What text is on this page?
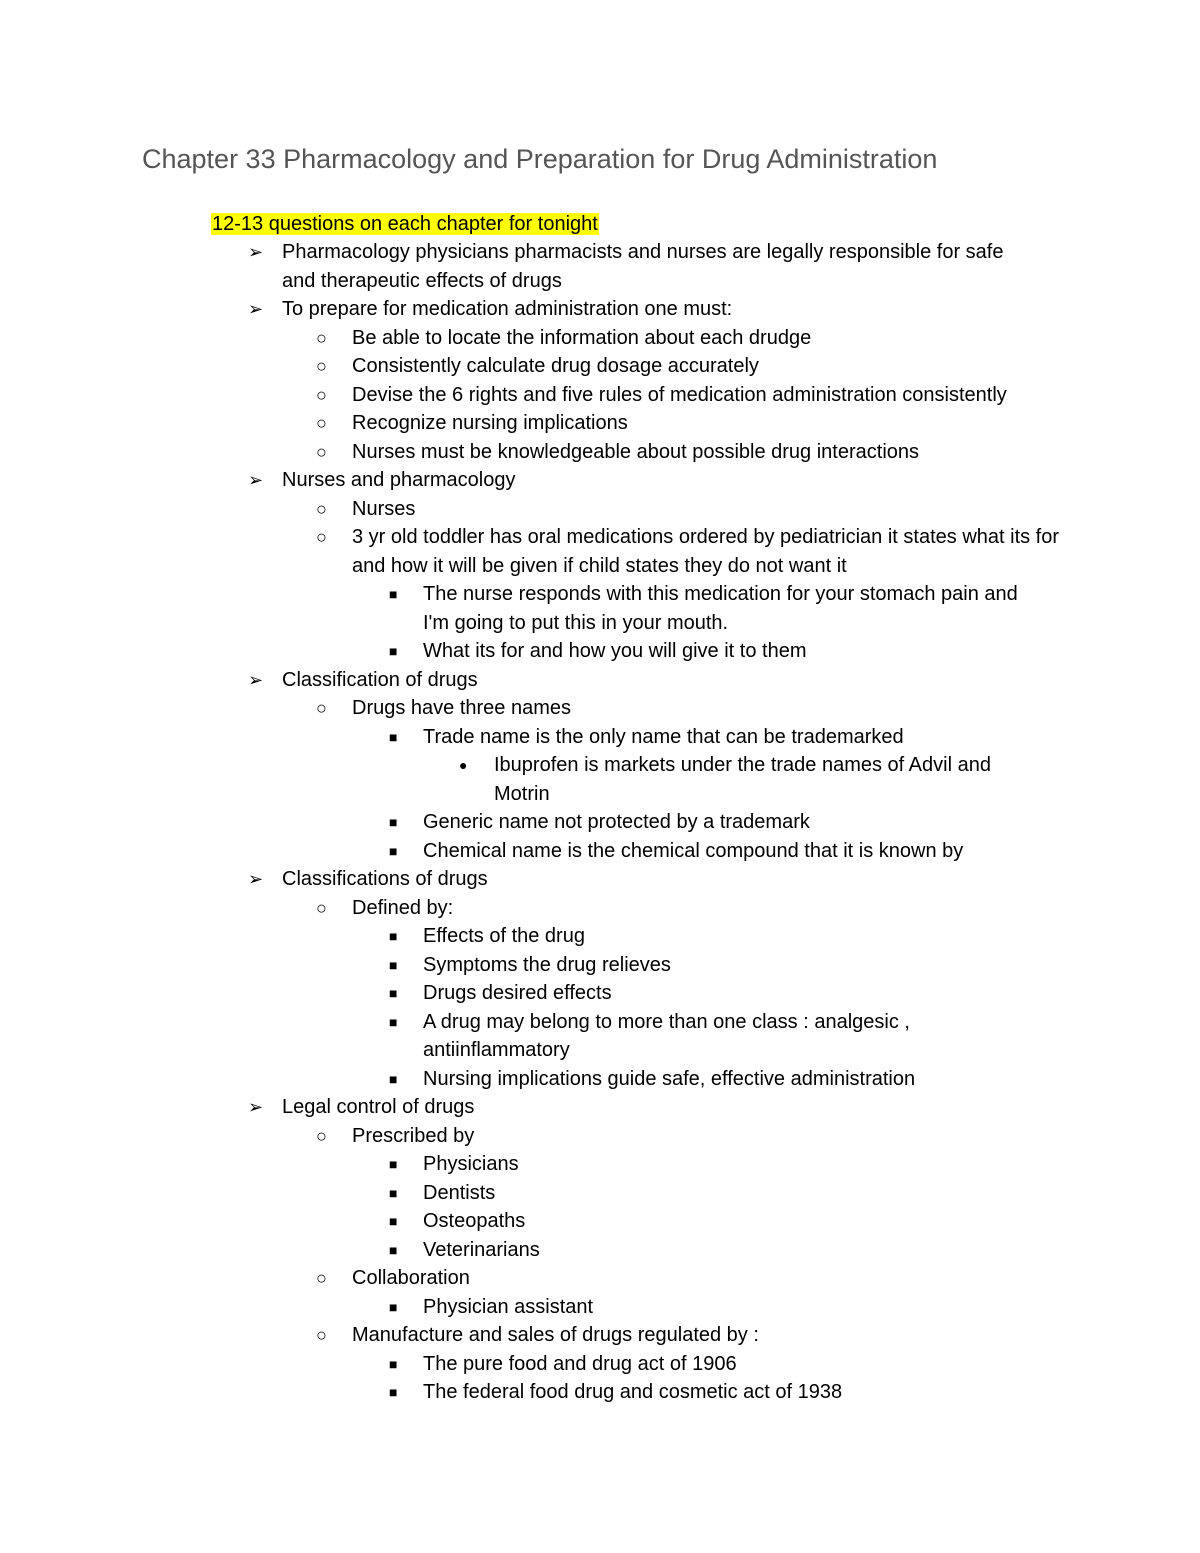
Chapter 33 Pharmacology and Preparation for Drug Administration

12-13 questions on each chapter for tonight

➢ Pharmacology physicians pharmacists and nurses are legally responsible for safe and therapeutic effects of drugs
➢ To prepare for medication administration one must:
○ Be able to locate the information about each drudge
○ Consistently calculate drug dosage accurately
○ Devise the 6 rights and five rules of medication administration consistently
○ Recognize nursing implications
○ Nurses must be knowledgeable about possible drug interactions
➢ Nurses and pharmacology
○ Nurses
○ 3 yr old toddler has oral medications ordered by pediatrician it states what its for and how it will be given if child states they do not want it
■ The nurse responds with this medication for your stomach pain and I'm going to put this in your mouth.
■ What its for and how you will give it to them
➢ Classification of drugs
○ Drugs have three names
■ Trade name is the only name that can be trademarked
● Ibuprofen is markets under the trade names of Advil and Motrin
■ Generic name not protected by a trademark
■ Chemical name is the chemical compound that it is known by
➢ Classifications of drugs
○ Defined by:
■ Effects of the drug
■ Symptoms the drug relieves
■ Drugs desired effects
■ A drug may belong to more than one class : analgesic , antiinflammatory
■ Nursing implications guide safe, effective administration
➢ Legal control of drugs
○ Prescribed by
■ Physicians
■ Dentists
■ Osteopaths
■ Veterinarians
○ Collaboration
■ Physician assistant
○ Manufacture and sales of drugs regulated by :
■ The pure food and drug act of 1906
■ The federal food drug and cosmetic act of 1938
